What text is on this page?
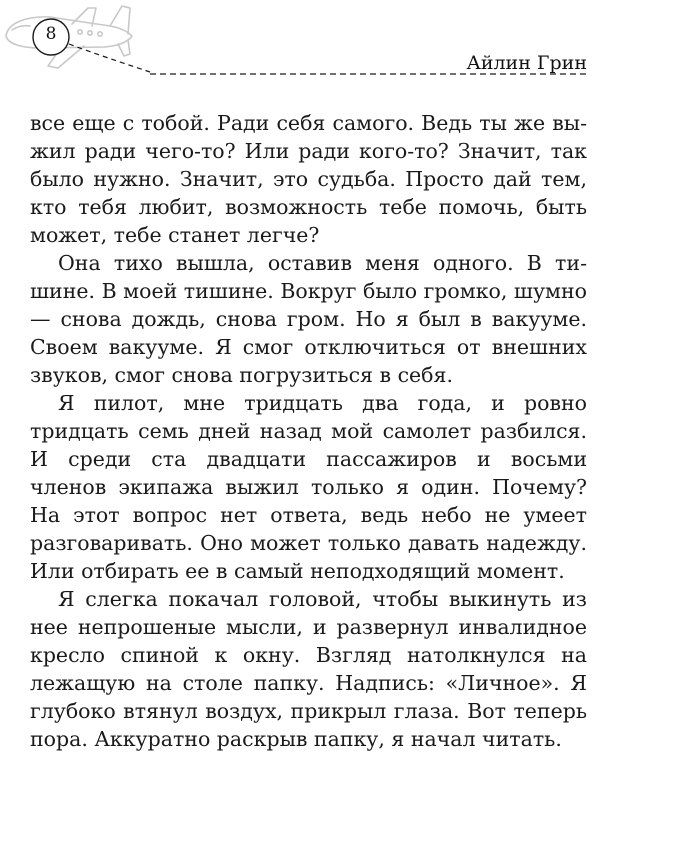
8
Айлин Грин

все еще с тобой. Ради себя самого. Ведь ты же выжил ради чего-то? Или ради кого-то? Значит, так было нужно. Значит, это судьба. Просто дай тем, кто тебя любит, возможность тебе помочь, быть может, тебе станет легче?

Она тихо вышла, оставив меня одного. В тишине. В моей тишине. Вокруг было громко, шумно — снова дождь, снова гром. Но я был в вакууме. Своем вакууме. Я смог отключиться от внешних звуков, смог снова погрузиться в себя.

Я пилот, мне тридцать два года, и ровно тридцать семь дней назад мой самолет разбился. И среди ста двадцати пассажиров и восьми членов экипажа выжил только я один. Почему? На этот вопрос нет ответа, ведь небо не умеет разговаривать. Оно может только давать надежду. Или отбирать ее в самый неподходящий момент.

Я слегка покачал головой, чтобы выкинуть из нее непрошеные мысли, и развернул инвалидное кресло спиной к окну. Взгляд натолкнулся на лежащую на столе папку. Надпись: «Личное». Я глубоко втянул воздух, прикрыл глаза. Вот теперь пора. Аккуратно раскрыв папку, я начал читать.
